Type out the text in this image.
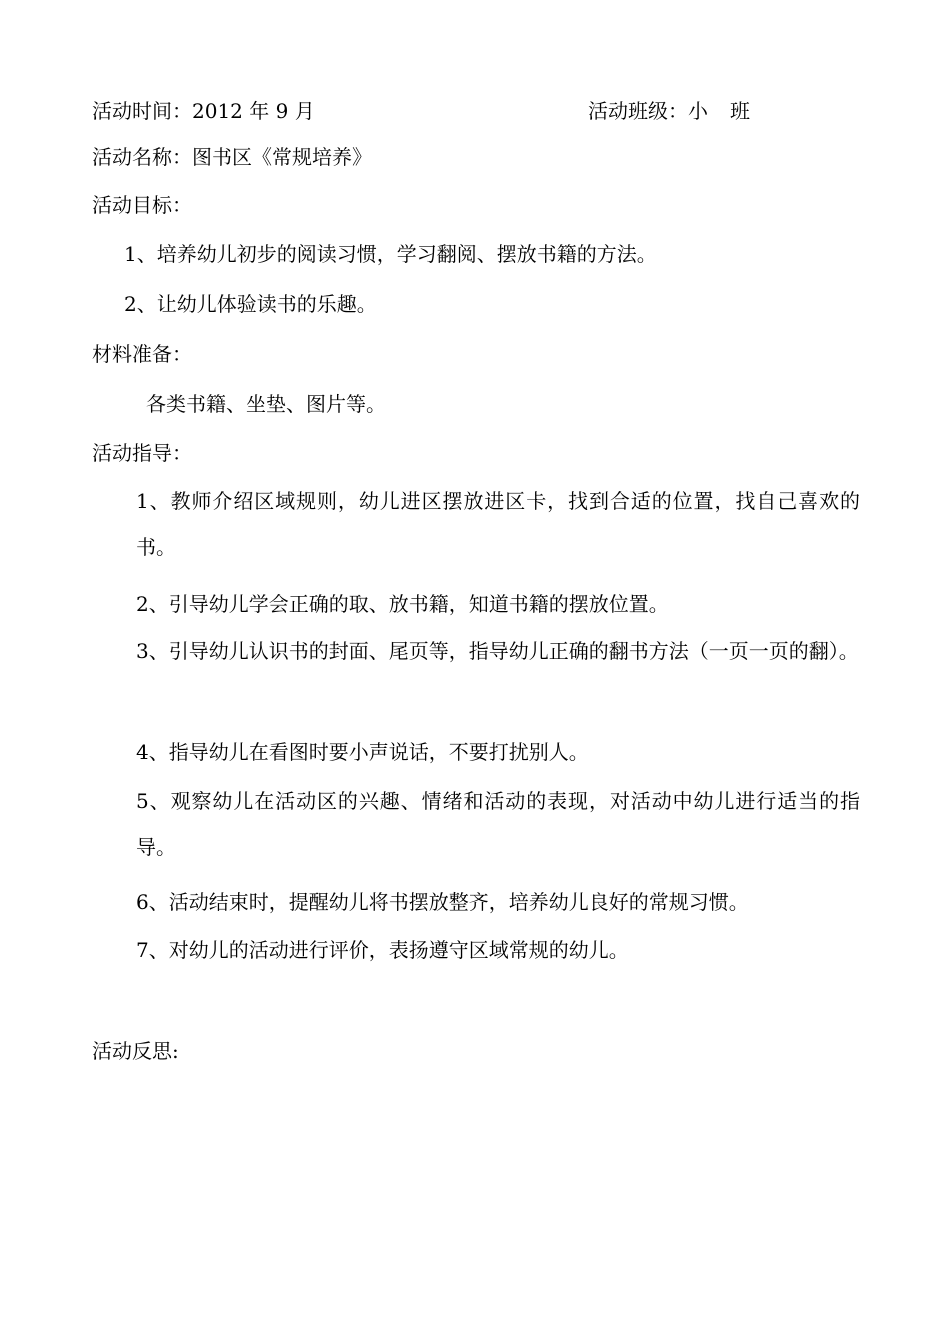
活动时间：2012 年 9 月	活动班级：小 班
活动名称：图书区《常规培养》
活动目标：
1、培养幼儿初步的阅读习惯，学习翻阅、摆放书籍的方法。
2、让幼儿体验读书的乐趣。
材料准备：
各类书籍、坐垫、图片等。
活动指导：
1、教师介绍区域规则，幼儿进区摆放进区卡，找到合适的位置，找自己喜欢的书。
2、引导幼儿学会正确的取、放书籍，知道书籍的摆放位置。
3、引导幼儿认识书的封面、尾页等，指导幼儿正确的翻书方法（一页一页的翻）。
4、指导幼儿在看图时要小声说话，不要打扰别人。
5、观察幼儿在活动区的兴趣、情绪和活动的表现，对活动中幼儿进行适当的指导。
6、活动结束时，提醒幼儿将书摆放整齐，培养幼儿良好的常规习惯。
7、对幼儿的活动进行评价，表扬遵守区域常规的幼儿。
活动反思:
